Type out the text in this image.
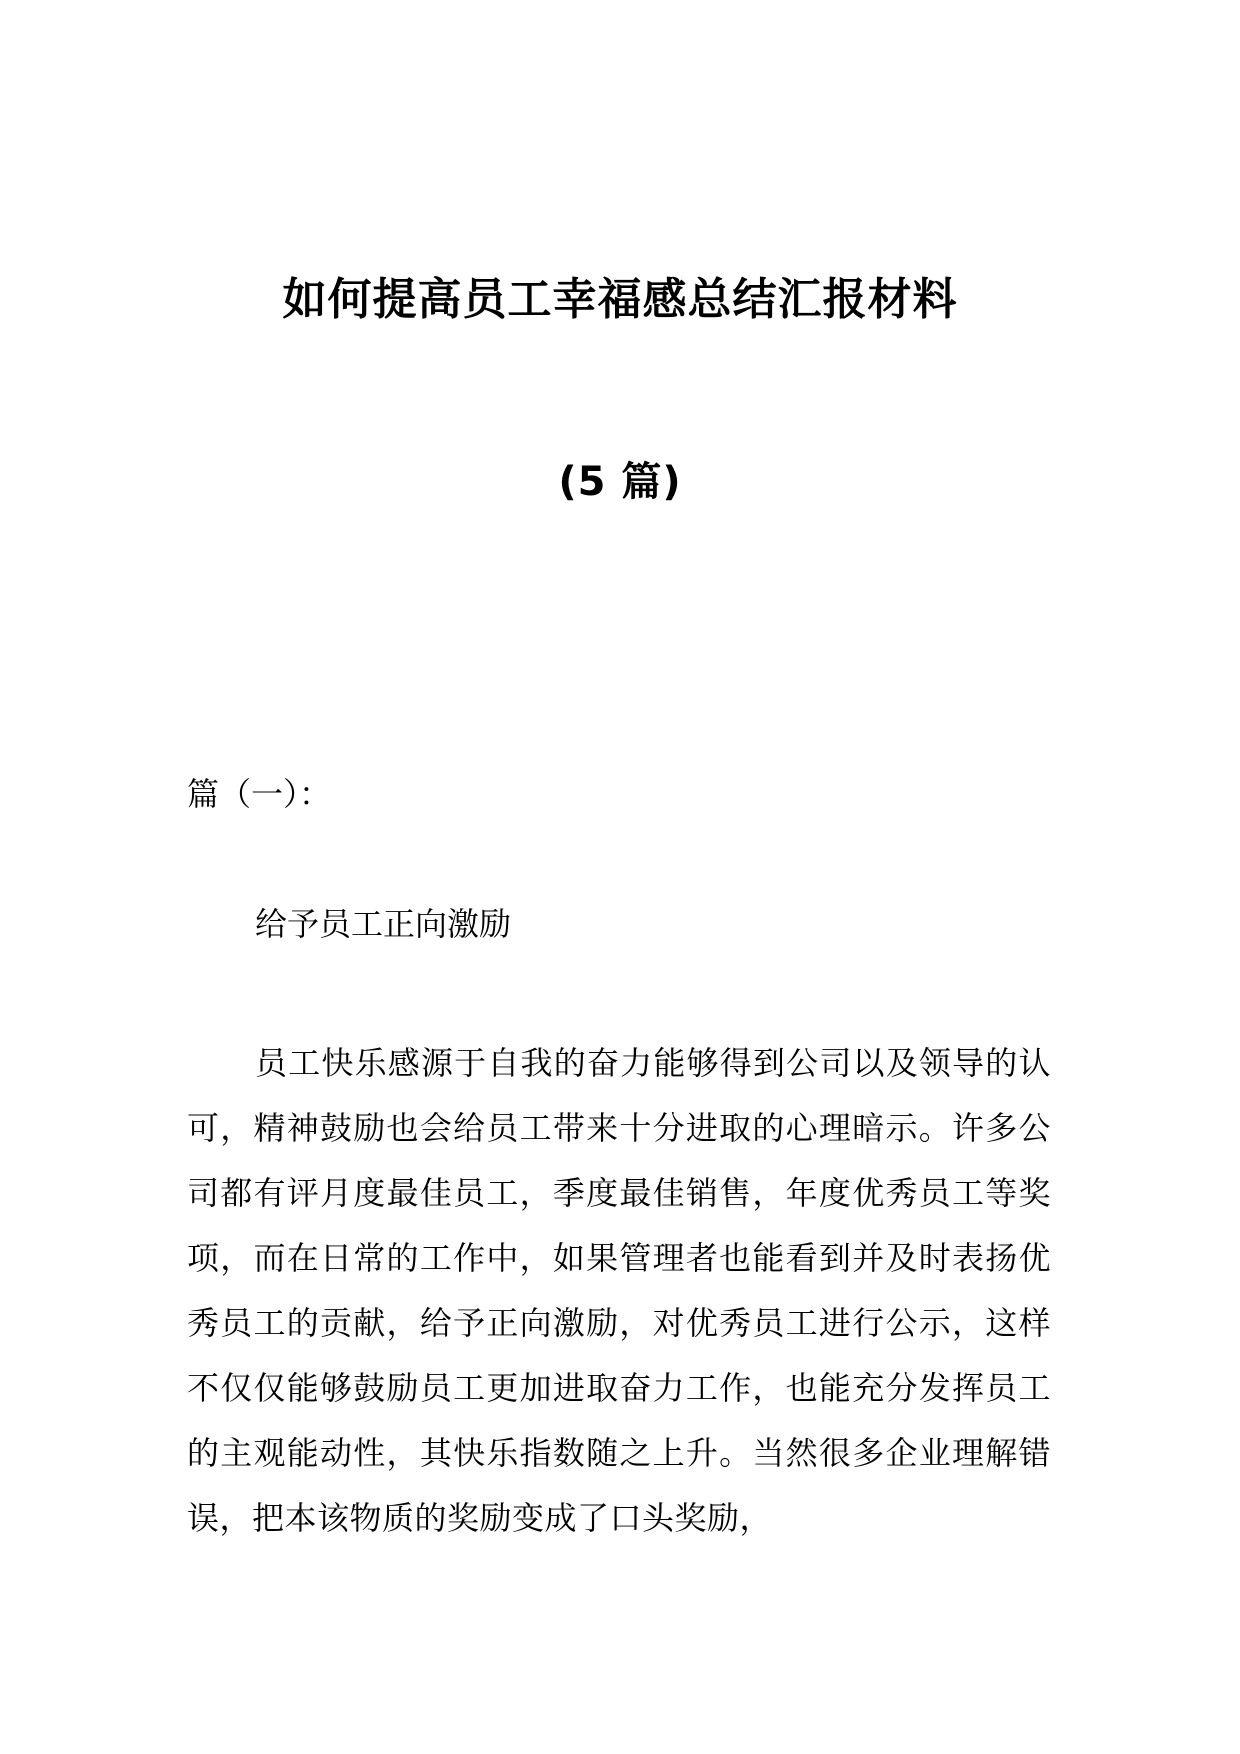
如何提高员工幸福感总结汇报材料
(5 篇)
篇（一）：
给予员工正向激励

员工快乐感源于自我的奋力能够得到公司以及领导的认可，精神鼓励也会给员工带来十分进取的心理暗示。许多公司都有评月度最佳员工，季度最佳销售，年度优秀员工等奖项，而在日常的工作中，如果管理者也能看到并及时表扬优秀员工的贡献，给予正向激励，对优秀员工进行公示，这样不仅仅能够鼓励员工更加进取奋力工作，也能充分发挥员工的主观能动性，其快乐指数随之上升。当然很多企业理解错误，把本该物质的奖励变成了口头奖励，
